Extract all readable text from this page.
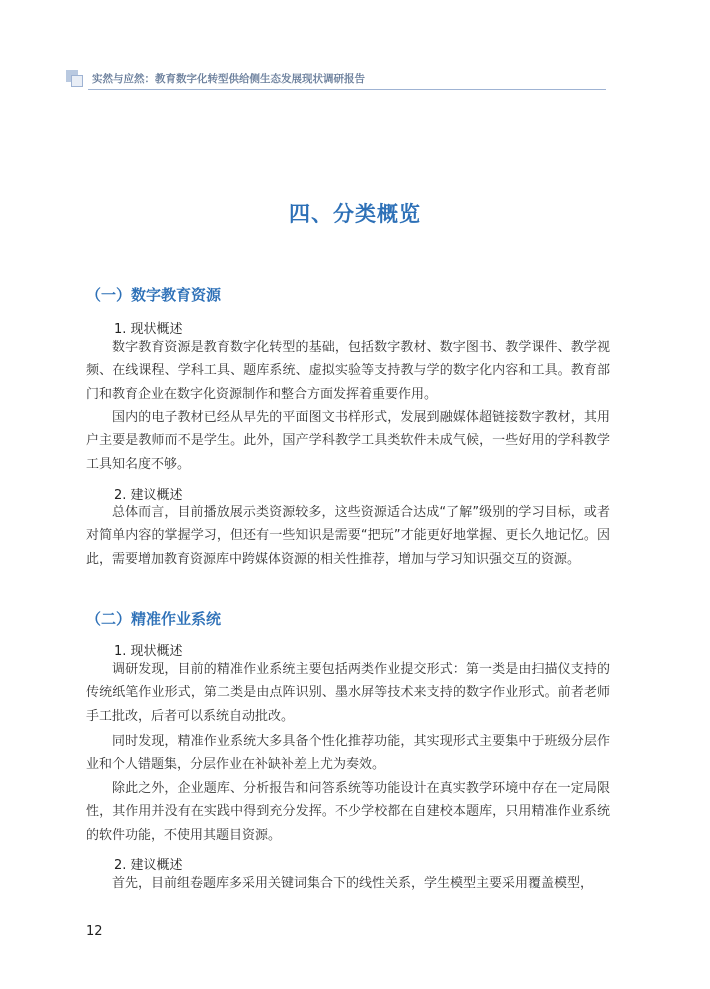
实然与应然：教育数字化转型供给侧生态发展现状调研报告
四、分类概览
（一）数字教育资源
1. 现状概述

数字教育资源是教育数字化转型的基础，包括数字教材、数字图书、教学课件、教学视频、在线课程、学科工具、题库系统、虚拟实验等支持教与学的数字化内容和工具。教育部门和教育企业在数字化资源制作和整合方面发挥着重要作用。

国内的电子教材已经从早先的平面图文书样形式，发展到融媒体超链接数字教材，其用户主要是教师而不是学生。此外，国产学科教学工具类软件未成气候，一些好用的学科教学工具知名度不够。

2. 建议概述

总体而言，目前播放展示类资源较多，这些资源适合达成“了解”级别的学习目标，或者对简单内容的掌握学习，但还有一些知识是需要“把玩”才能更好地掌握、更长久地记忆。因此，需要增加教育资源库中跨媒体资源的相关性推荐，增加与学习知识强交互的资源。

（二）精准作业系统
1. 现状概述

调研发现，目前的精准作业系统主要包括两类作业提交形式：第一类是由扫描仪支持的传统纸笔作业形式，第二类是由点阵识别、墨水屏等技术来支持的数字作业形式。前者老师手工批改，后者可以系统自动批改。

同时发现，精准作业系统大多具备个性化推荐功能，其实现形式主要集中于班级分层作业和个人错题集，分层作业在补缺补差上尤为奏效。

除此之外，企业题库、分析报告和问答系统等功能设计在真实教学环境中存在一定局限性，其作用并没有在实践中得到充分发挥。不少学校都在自建校本题库，只用精准作业系统的软件功能，不使用其题目资源。

2. 建议概述

首先，目前组卷题库多采用关键词集合下的线性关系，学生模型主要采用覆盖模型，

12
